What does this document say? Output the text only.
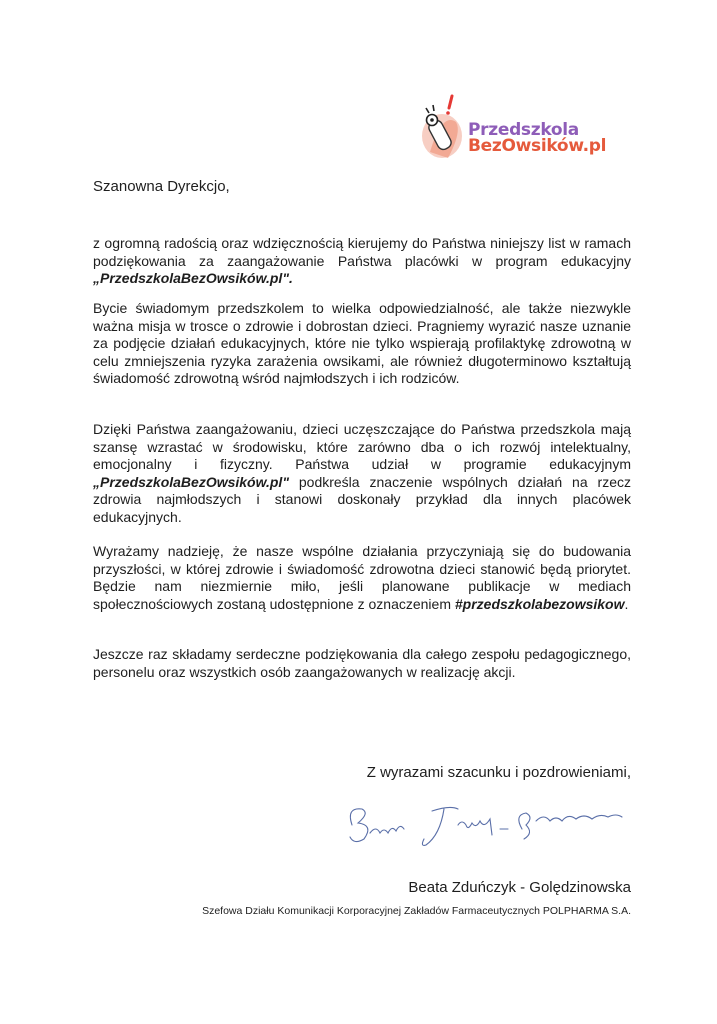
Przedszkola
BezOwsików.pl
Szanowna Dyrekcjo,
z ogromną radością oraz wdzięcznością kierujemy do Państwa niniejszy list w ramach podziękowania za zaangażowanie Państwa placówki w program edukacyjny „PrzedszkolaBezOwsików.pl".
Bycie świadomym przedszkolem to wielka odpowiedzialność, ale także niezwykle ważna misja w trosce o zdrowie i dobrostan dzieci. Pragniemy wyrazić nasze uznanie za podjęcie działań edukacyjnych, które nie tylko wspierają profilaktykę zdrowotną w celu zmniejszenia ryzyka zarażenia owsikami, ale również długoterminowo kształtują świadomość zdrowotną wśród najmłodszych i ich rodziców.
Dzięki Państwa zaangażowaniu, dzieci uczęszczające do Państwa przedszkola mają szansę wzrastać w środowisku, które zarówno dba o ich rozwój intelektualny, emocjonalny i fizyczny. Państwa udział w programie edukacyjnym „PrzedszkolaBezOwsików.pl" podkreśla znaczenie wspólnych działań na rzecz zdrowia najmłodszych i stanowi doskonały przykład dla innych placówek edukacyjnych.
Wyrażamy nadzieję, że nasze wspólne działania przyczyniają się do budowania przyszłości, w której zdrowie i świadomość zdrowotna dzieci stanowić będą priorytet. Będzie nam niezmiernie miło, jeśli planowane publikacje w mediach społecznościowych zostaną udostępnione z oznaczeniem #przedszkolabezowsikow.
Jeszcze raz składamy serdeczne podziękowania dla całego zespołu pedagogicznego, personelu oraz wszystkich osób zaangażowanych w realizację akcji.
Z wyrazami szacunku i pozdrowieniami,
Beata Zduńczyk - Golędzinowska
Szefowa Działu Komunikacji Korporacyjnej Zakładów Farmaceutycznych POLPHARMA S.A.
